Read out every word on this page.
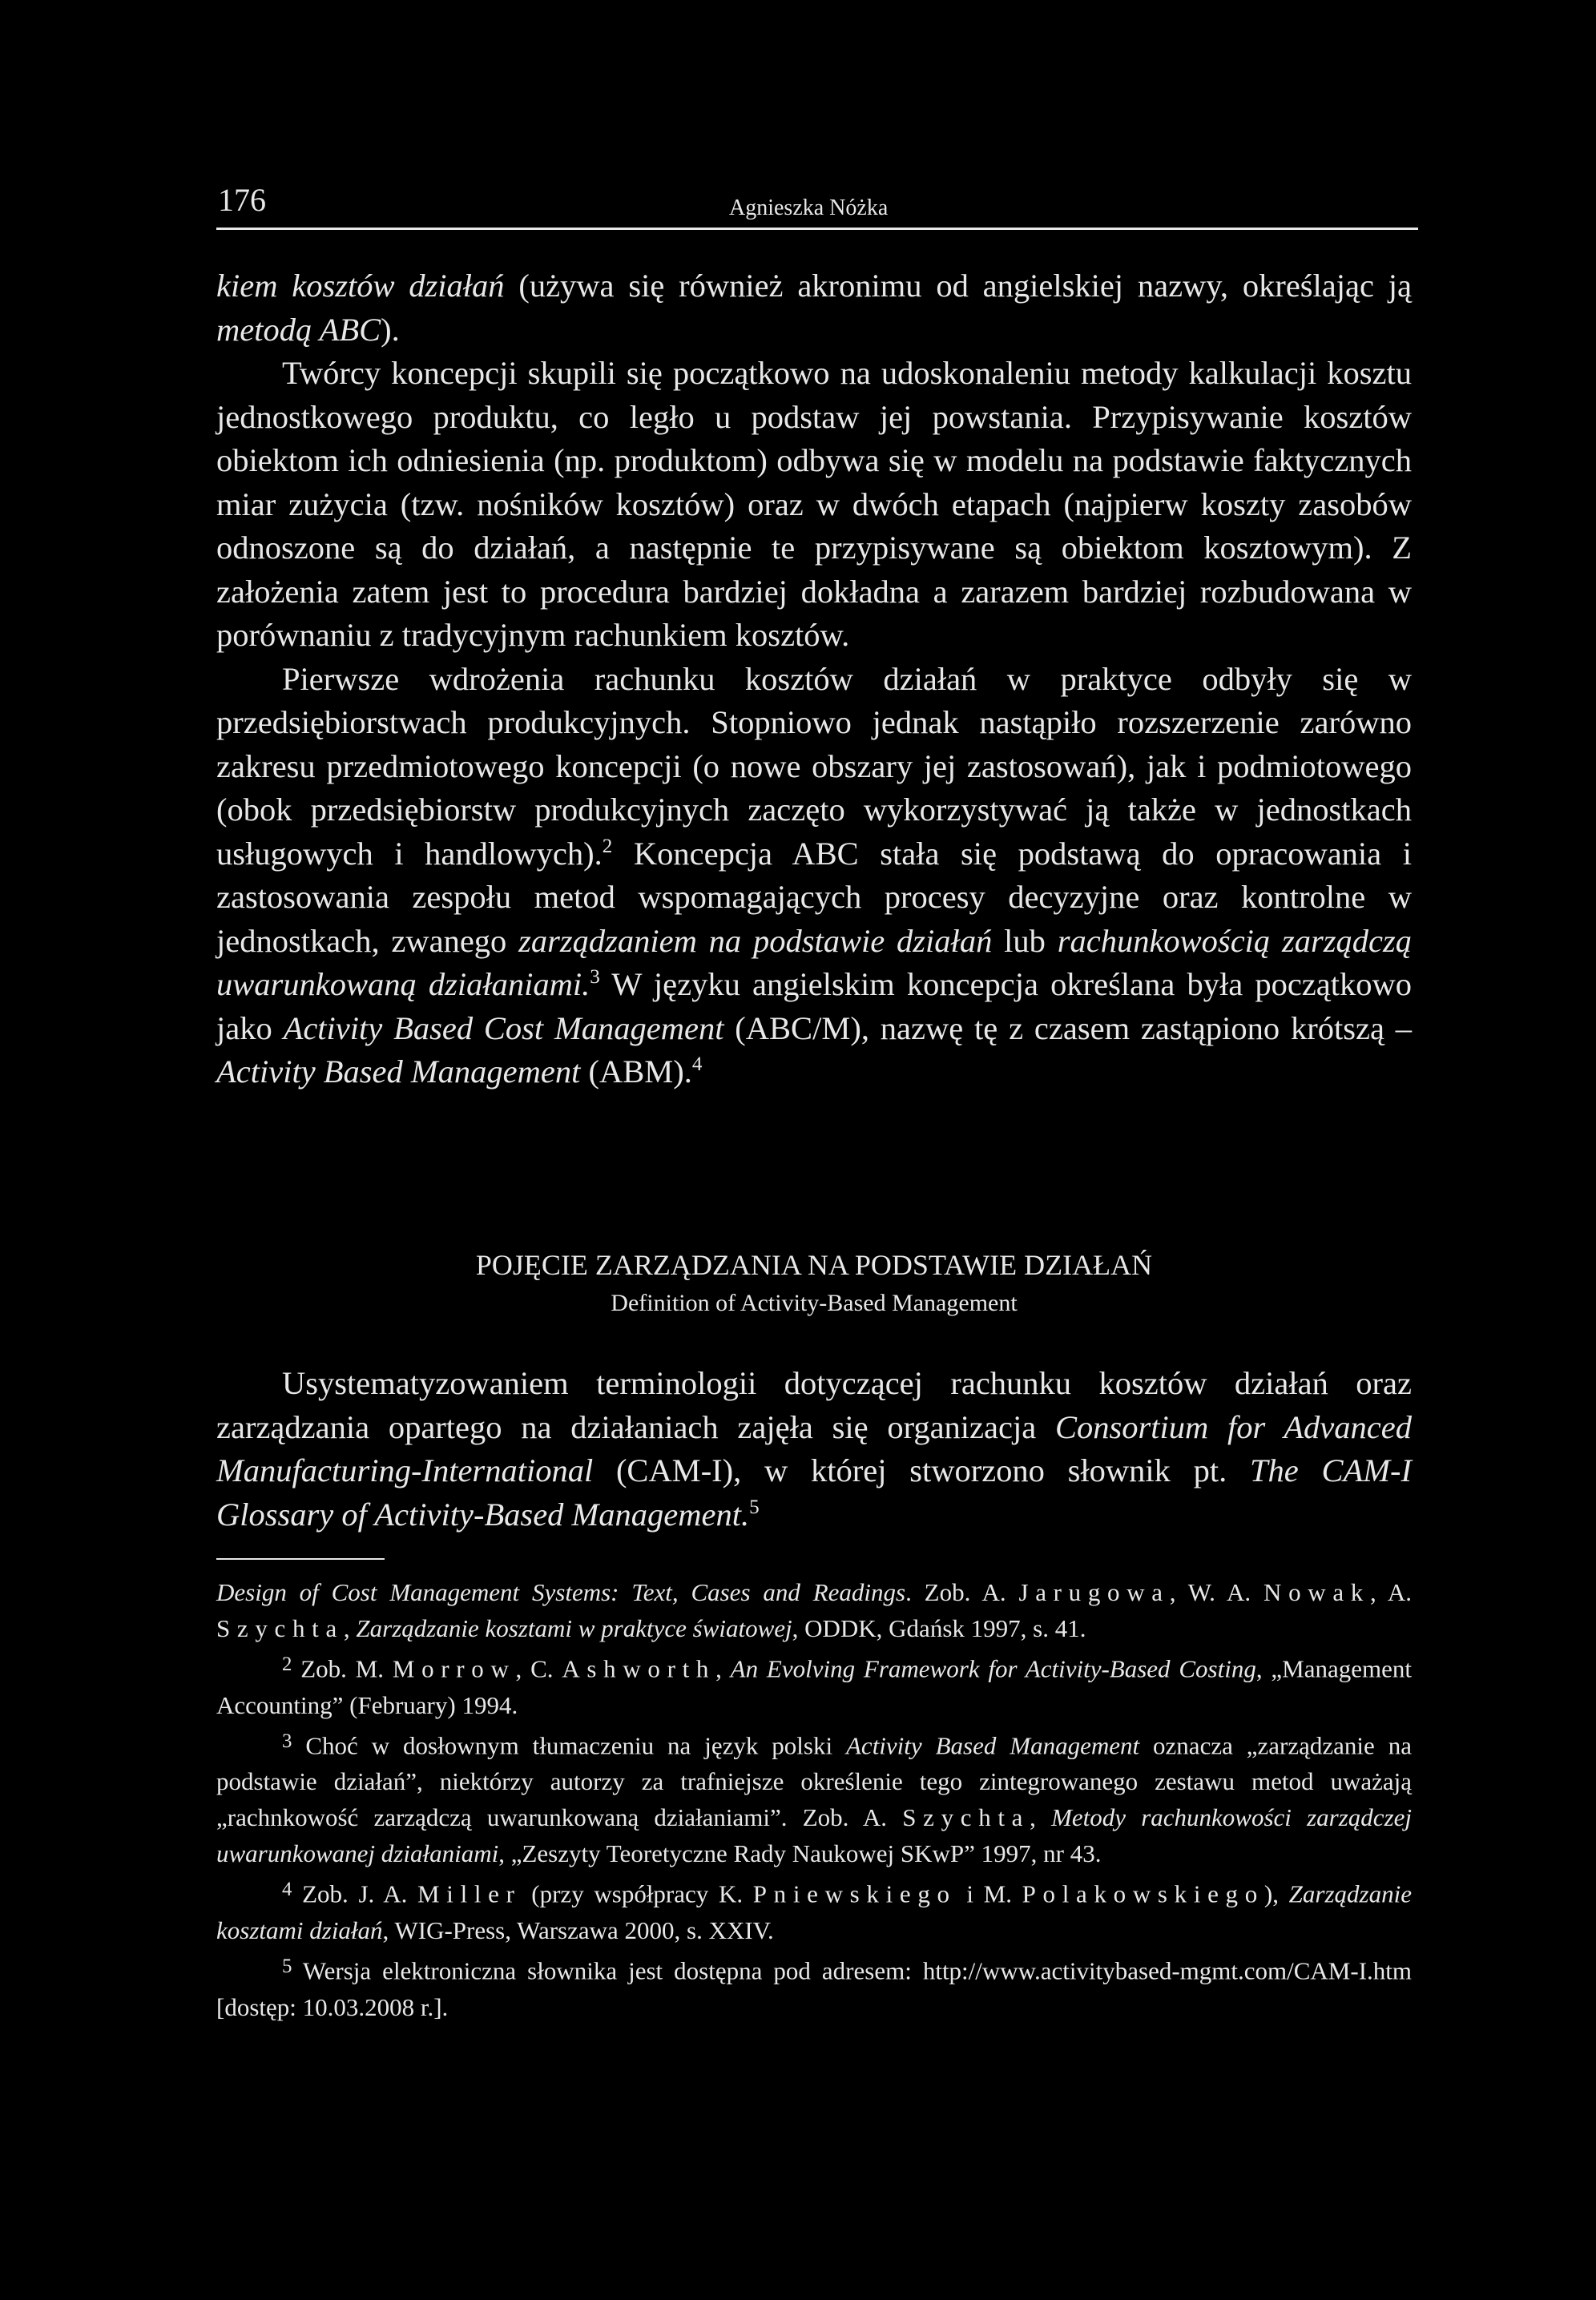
176	Agnieszka Nóżka

kiem kosztów działań (używa się również akronimu od angielskiej nazwy, określając ją metodą ABC).

Twórcy koncepcji skupili się początkowo na udoskonaleniu metody kalkulacji kosztu jednostkowego produktu, co legło u podstaw jej powstania. Przypisywanie kosztów obiektom ich odniesienia (np. produktom) odbywa się w modelu na podstawie faktycznych miar zużycia (tzw. nośników kosztów) oraz w dwóch etapach (najpierw koszty zasobów odnoszone są do działań, a następnie te przypisywane są obiektom kosztowym). Z założenia zatem jest to procedura bardziej dokładna a zarazem bardziej rozbudowana w porównaniu z tradycyjnym rachunkiem kosztów.

Pierwsze wdrożenia rachunku kosztów działań w praktyce odbyły się w przedsiębiorstwach produkcyjnych. Stopniowo jednak nastąpiło rozszerzenie zarówno zakresu przedmiotowego koncepcji (o nowe obszary jej zastosowań), jak i podmiotowego (obok przedsiębiorstw produkcyjnych zaczęto wykorzystywać ją także w jednostkach usługowych i handlowych).$^2$ Koncepcja ABC stała się podstawą do opracowania i zastosowania zespołu metod wspomagających procesy decyzyjne oraz kontrolne w jednostkach, zwanego zarządzaniem na podstawie działań lub rachunkowością zarządczą uwarunkowaną działaniami.$^3$ W języku angielskim koncepcja określana była początkowo jako Activity Based Cost Management (ABC/M), nazwę tę z czasem zastąpiono krótszą – Activity Based Management (ABM).$^4$

POJĘCIE ZARZĄDZANIA NA PODSTAWIE DZIAŁAŃ
Definition of Activity-Based Management

Usystematyzowaniem terminologii dotyczącej rachunku kosztów działań oraz zarządzania opartego na działaniach zajęła się organizacja Consortium for Advanced Manufacturing-International (CAM-I), w której stworzono słownik pt. The CAM-I Glossary of Activity-Based Management.$^5$

Design of Cost Management Systems: Text, Cases and Readings. Zob. A. Jarugowa, W. A. Nowak, A. Szychta, Zarządzanie kosztami w praktyce światowej, ODDK, Gdańsk 1997, s. 41.

$^2$ Zob. M. Morrow, C. Ashworth, An Evolving Framework for Activity-Based Costing, „Management Accounting” (February) 1994.

$^3$ Choć w dosłownym tłumaczeniu na język polski Activity Based Management oznacza „zarządzanie na podstawie działań”, niektórzy autorzy za trafniejsze określenie tego zintegrowanego zestawu metod uważają „rachnkowość zarządczą uwarunkowaną działaniami”. Zob. A. Szychta, Metody rachunkowości zarządczej uwarunkowanej działaniami, „Zeszyty Teoretyczne Rady Naukowej SKwP” 1997, nr 43.

$^4$ Zob. J. A. Miller (przy współpracy K. Pniewskiego i M. Polakowskiego), Zarządzanie kosztami działań, WIG-Press, Warszawa 2000, s. XXIV.

$^5$ Wersja elektroniczna słownika jest dostępna pod adresem: http://www.activitybased-mgmt.com/CAM-I.htm [dostęp: 10.03.2008 r.].
